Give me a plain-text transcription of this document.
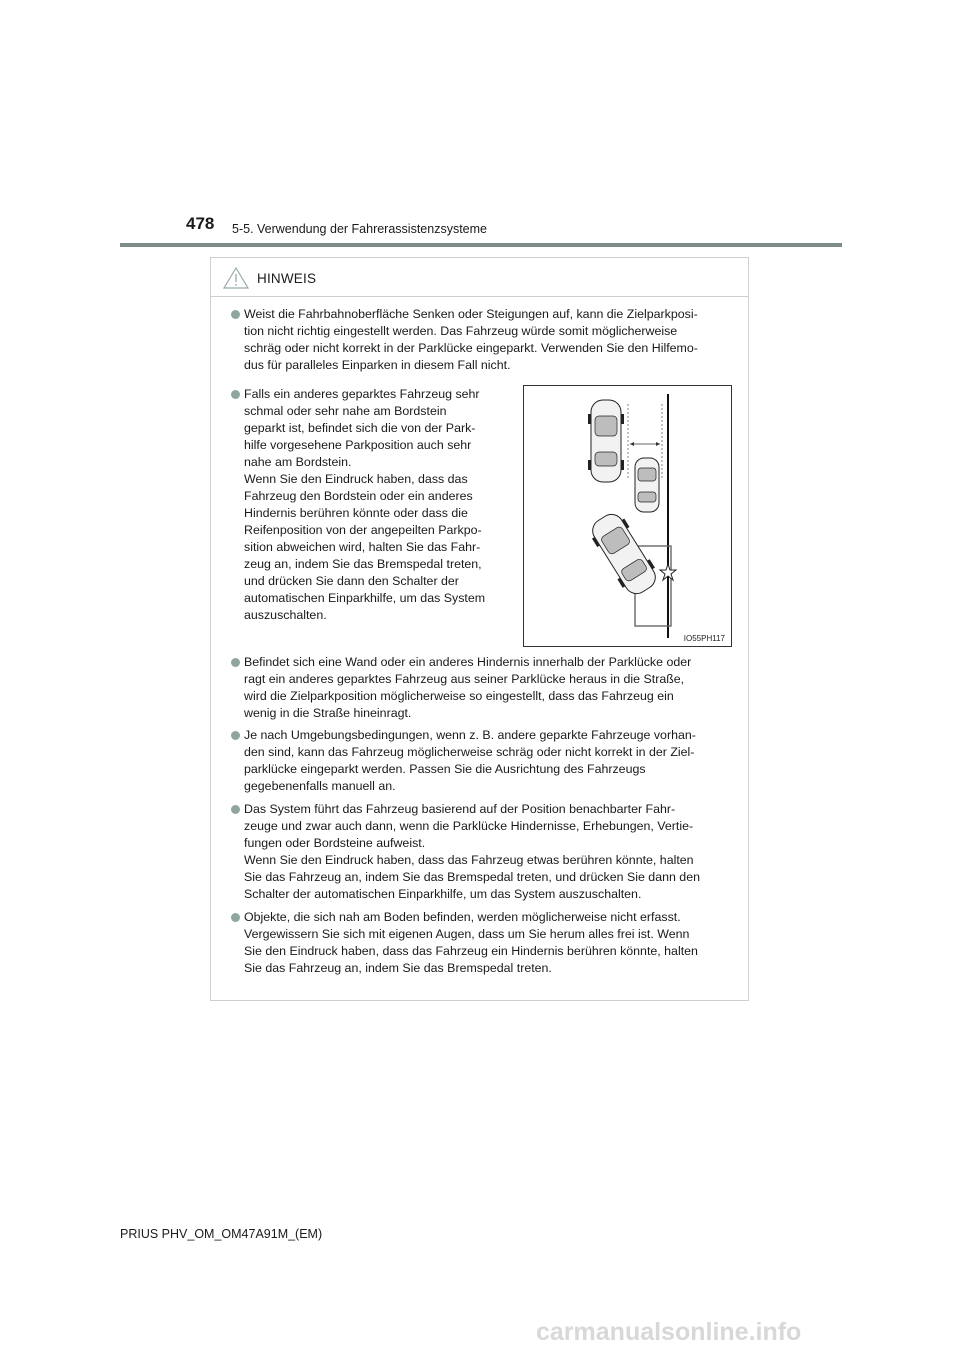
478 5-5. Verwendung der Fahrerassistenzsysteme
HINWEIS
Weist die Fahrbahnoberfläche Senken oder Steigungen auf, kann die Zielparkposi-
tion nicht richtig eingestellt werden. Das Fahrzeug würde somit möglicherweise
schräg oder nicht korrekt in der Parklücke eingeparkt. Verwenden Sie den Hilfemo-
dus für paralleles Einparken in diesem Fall nicht.
Falls ein anderes geparktes Fahrzeug sehr
schmal oder sehr nahe am Bordstein
geparkt ist, befindet sich die von der Park-
hilfe vorgesehene Parkposition auch sehr
nahe am Bordstein.
Wenn Sie den Eindruck haben, dass das
Fahrzeug den Bordstein oder ein anderes
Hindernis berühren könnte oder dass die
Reifenposition von der angepeilten Parkpo-
sition abweichen wird, halten Sie das Fahr-
zeug an, indem Sie das Bremspedal treten,
und drücken Sie dann den Schalter der
automatischen Einparkhilfe, um das System
auszuschalten.
IO55PH117
Befindet sich eine Wand oder ein anderes Hindernis innerhalb der Parklücke oder
ragt ein anderes geparktes Fahrzeug aus seiner Parklücke heraus in die Straße,
wird die Zielparkposition möglicherweise so eingestellt, dass das Fahrzeug ein
wenig in die Straße hineinragt.
Je nach Umgebungsbedingungen, wenn z. B. andere geparkte Fahrzeuge vorhan-
den sind, kann das Fahrzeug möglicherweise schräg oder nicht korrekt in der Ziel-
parklücke eingeparkt werden. Passen Sie die Ausrichtung des Fahrzeugs
gegebenenfalls manuell an.
Das System führt das Fahrzeug basierend auf der Position benachbarter Fahr-
zeuge und zwar auch dann, wenn die Parklücke Hindernisse, Erhebungen, Vertie-
fungen oder Bordsteine aufweist.
Wenn Sie den Eindruck haben, dass das Fahrzeug etwas berühren könnte, halten
Sie das Fahrzeug an, indem Sie das Bremspedal treten, und drücken Sie dann den
Schalter der automatischen Einparkhilfe, um das System auszuschalten.
Objekte, die sich nah am Boden befinden, werden möglicherweise nicht erfasst.
Vergewissern Sie sich mit eigenen Augen, dass um Sie herum alles frei ist. Wenn
Sie den Eindruck haben, dass das Fahrzeug ein Hindernis berühren könnte, halten
Sie das Fahrzeug an, indem Sie das Bremspedal treten.
PRIUS PHV_OM_OM47A91M_(EM)
carmanualsonline.info
